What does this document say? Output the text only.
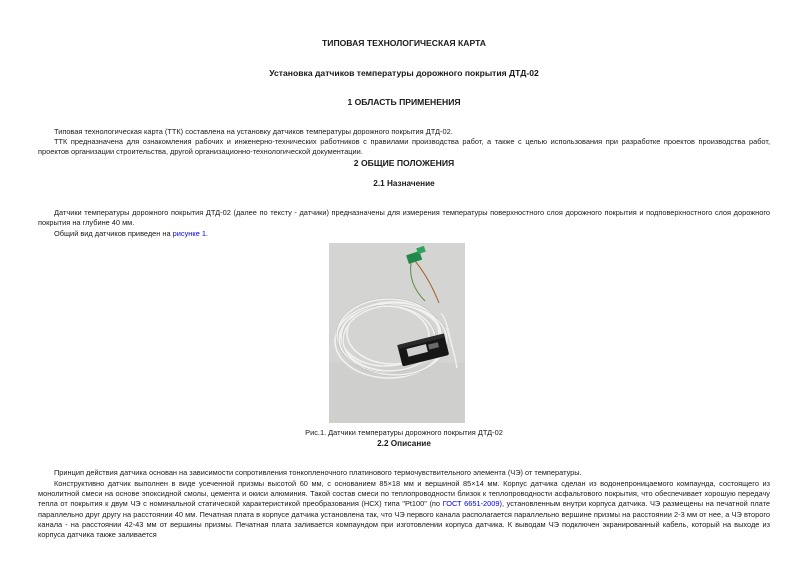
ТИПОВАЯ ТЕХНОЛОГИЧЕСКАЯ КАРТА
Установка датчиков температуры дорожного покрытия ДТД-02
1 ОБЛАСТЬ ПРИМЕНЕНИЯ

Типовая технологическая карта (ТТК) составлена на установку датчиков температуры дорожного покрытия ДТД-02.

ТТК предназначена для ознакомления рабочих и инженерно-технических работников с правилами производства работ, а также с целью использования при разработке проектов производства работ, проектов организации строительства, другой организационно-технологической документации.

2 ОБЩИЕ ПОЛОЖЕНИЯ
2.1 Назначение

Датчики температуры дорожного покрытия ДТД-02 (далее по тексту - датчики) предназначены для измерения температуры поверхностного слоя дорожного покрытия и подповерхностного слоя дорожного покрытия на глубине 40 мм.

Общий вид датчиков приведен на рисунке 1.

Рис.1. Датчики температуры дорожного покрытия ДТД-02
2.2 Описание

Принцип действия датчика основан на зависимости сопротивления тонкопленочного платинового термочувствительного элемента (ЧЭ) от температуры.

Конструктивно датчик выполнен в виде усеченной призмы высотой 60 мм, с основанием 85×18 мм и вершиной 85×14 мм. Корпус датчика сделан из водонепроницаемого компаунда, состоящего из монолитной смеси на основе эпоксидной смолы, цемента и окиси алюминия. Такой состав смеси по теплопроводности близок к теплопроводности асфальтового покрытия, что обеспечивает хорошую передачу тепла от покрытия к двум ЧЭ с номинальной статической характеристикой преобразования (НСХ) типа "Pt100" (по ГОСТ 6651-2009), установленным внутри корпуса датчика. ЧЭ размещены на печатной плате параллельно друг другу на расстоянии 40 мм. Печатная плата в корпусе датчика установлена так, что ЧЭ первого канала располагается параллельно вершине призмы на расстоянии 2-3 мм от нее, а ЧЭ второго канала - на расстоянии 42-43 мм от вершины призмы. Печатная плата заливается компаундом при изготовлении корпуса датчика. К выводам ЧЭ подключен экранированный кабель, который на выходе из корпуса датчика также заливается
